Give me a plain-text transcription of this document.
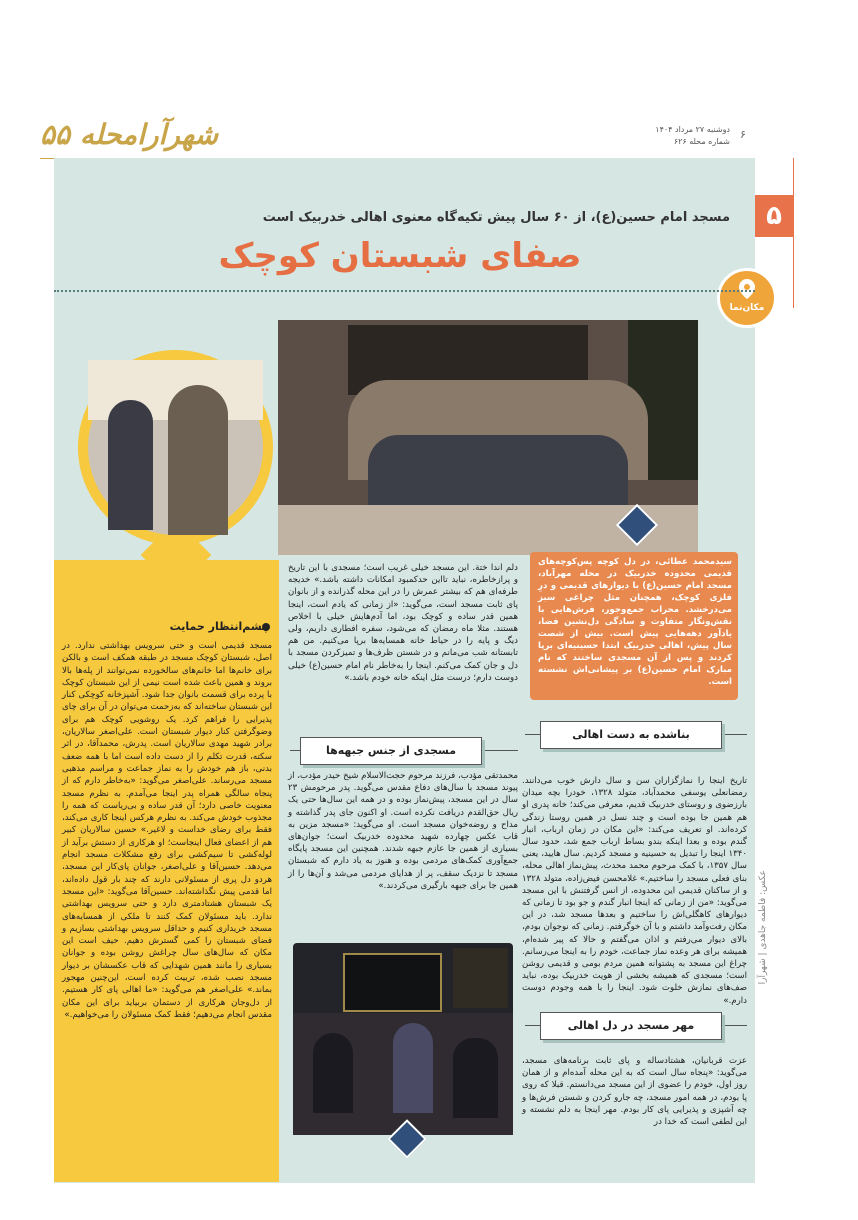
شهرآرامحله ۵۵	دوشنبه ۲۷ مرداد ۱۴۰۴
شماره محله ۶۲۶
۶
۵
مکان‌نما
عکس: فاطمه جاهدی | شهرآرا
مسجد امام حسین(ع)، از ۶۰ سال پیش تکیه‌گاه معنوی اهالی خدربیک است
صفای شبستان کوچک
چشم‌انتظار حمایت
مسجد قدیمی است و حتی سرویس بهداشتی ندارد. در اصل، شبستان کوچک مسجد در طبقه همکف است و بالکن برای خانم‌ها اما خانم‌های سالخورده نمی‌توانند از پله‌ها بالا بروند و همین باعث شده است نیمی از این شبستان کوچک با پرده برای قسمت بانوان جدا شود. آشپزخانه کوچکی کنار این شبستان ساخته‌اند که به‌زحمت می‌توان در آن برای چای پذیرایی را فراهم کرد. یک روشویی کوچک هم برای وضوگرفتن کنار دیوار شبستان است. علی‌اصغر سالاریان، برادر شهید مهدی سالاریان است. پدرش، محمدآقا، در اثر سکته، قدرت تکلم را از دست داده است اما با همه ضعف بدنی، باز هم خودش را به نماز جماعت و مراسم مذهبی مسجد می‌رساند. علی‌اصغر می‌گوید: «به‌خاطر دارم که از پنجاه سالگی همراه پدر اینجا می‌آمدم. به نظرم مسجد معنویت خاصی دارد؛ آن قدر ساده و بی‌ریاست که همه را مجذوب خودش می‌کند. به نظرم هرکس اینجا کاری می‌کند، فقط برای رضای خداست و لاغیر.» حسین سالاریان کبیر هم از اعضای فعال اینجاست؛ او هرکاری از دستش برآید از لوله‌کشی تا سیم‌کشی برای رفع مشکلات مسجد انجام می‌دهد. حسین‌آقا و علی‌اصغر، جوانان پای‌کار این مسجد، هردو دل پری از مسئولانی دارند که چند بار قول داده‌اند، اما قدمی پیش نگذاشته‌اند. حسین‌آقا می‌گوید: «این مسجد یک شبستان هشتادمتری دارد و حتی سرویس بهداشتی ندارد. باید مسئولان کمک کنند تا ملکی از همسایه‌های مسجد خریداری کنیم و حداقل سرویس بهداشتی بسازیم و فضای شبستان را کمی گسترش دهیم. حیف است این مکان که سال‌های سال چراغش روشن بوده و جوانان بسیاری را مانند همین شهدایی که قاب عکسشان بر دیوار مسجد نصب شده، تربیت کرده است، این‌چنین مهجور بماند.» علی‌اصغر هم می‌گوید: «ما اهالی پای کار هستیم. از دل‌وجان هرکاری از دستمان بربیاید برای این مکان مقدس انجام می‌دهیم؛ فقط کمک مسئولان را می‌خواهیم.»
سیدمحمد عطائی، در دل کوچه پس‌کوچه‌های قدیمی محدوده خدربیک در محله مهرآباد، مسجد امام حسین(ع) با دیوارهای قدیمی و درِ فلزی کوچک، همچنان مثل چراغی سبز می‌درخشد. محراب جمع‌وجور، فرش‌هایی با نقش‌ونگار متفاوت و سادگی دل‌نشین فضا، یادآور دهه‌هایی پیش است. بیش از شصت سال پیش، اهالی خدربیک ابتدا حسینیه‌ای برپا کردند و پس از آن مسجدی ساختند که نام مبارک امام حسین(ع) بر پیشانی‌اش نشسته است.
دلم اندا ختة. این مسجد خیلی غریب است؛ مسجدی با این تاریخ و پرازخاطره، نباید تااین حدکمبود امکانات داشته باشد.» خدیجه طرفه‌ای هم که بیشتر عمرش را در این محله گذرانده و از بانوان پای ثابت مسجد است، می‌گوید: «از زمانی که یادم است، اینجا همین قدر ساده و کوچک بود، اما آدم‌هایش خیلی با اخلاص هستند. مثلا ماه رمضان که می‌شود، سفره افطاری داریم، ولی دیگ و پایه را در حیاط خانه همسایه‌ها برپا می‌کنیم. من هم تابستانه شب می‌مانم و در شستن ظرف‌ها و تمیزکردن مسجد با دل و جان کمک می‌کنم. اینجا را به‌خاطر نام امام حسین(ع) خیلی دوست دارم؛ درست مثل اینکه خانه خودم باشد.»
مسجدی از جنس جبهه‌ها
محمدتقی مؤدب، فرزند مرحوم حجت‌الاسلام شیخ حیدر مؤدب، از پیوند مسجد با سال‌های دفاع مقدس می‌گوید. پدر مرحومش ۲۳ سال در این مسجد، پیش‌نماز بوده و در همه این سال‌ها حتی یک ریال حق‌القدم دریافت نکرده است. او اکنون جای پدر گذاشته و مداح و روضه‌خوان مسجد است. او می‌گوید: «مسجد مزین به قاب عکس چهارده شهید محدوده خدربیک است؛ جوان‌های بسیاری از همین جا عازم جبهه شدند. همچنین این مسجد پایگاه جمع‌آوری کمک‌های مردمی بوده و هنوز به یاد دارم که شبستان مسجد تا نزدیک سقف، پر از هدایای مردمی می‌شد و آن‌ها را از همین جا برای جبهه بارگیری می‌کردند.»
بناشده به دست اهالی
تاریخ اینجا را نمازگزاران سن و سال دارش خوب می‌دانند. رمضانعلی یوسفی محمدآباد، متولد ۱۳۲۸، خودرا بچه میدان بارزضوی و روستای خدربیک قدیم، معرفی می‌کند؛ خانه پدری او هم همین جا بوده است و چند نسل در همین روستا زندگی کرده‌اند. او تعریف می‌کند: «این مکان در زمان ارباب، انبار گندم بوده و بعدا اینکه بندو بساط ارباب جمع شد، حدود سال ۱۳۴۰ اینجا را تبدیل به حسینیه و مسجد کردیم. سال هایید، یعنی سال ۱۳۵۷، با کمک مرحوم محمد محدث، پیش‌نماز اهالی محله، بنای فعلی مسجد را ساختیم.» غلامحسن فیض‌زاده، متولد ۱۳۲۸ و از ساکنان قدیمی این محدوده، از انس گرفتنش با این مسجد می‌گوید: «من از زمانی که اینجا انبار گندم و جو بود تا زمانی که دیوارهای کاهگلی‌اش را ساختیم و بعدها مسجد شد، در این مکان رفت‌وآمد داشتم و با آن خوگرفتم. زمانی که نوجوان بودم، بالای دیوار می‌رفتم و اذان می‌گفتم و حالا که پیر شده‌ام، همیشه برای هر وعده نماز جماعت، خودم را به اینجا می‌رسانم. چراغ این مسجد به پشتوانه همین مردم بومی و قدیمی روشن است؛ مسجدی که همیشه بخشی از هویت خدربیک بوده، نباید صف‌های نمازش خلوت شود. اینجا را با همه وجودم دوست دارم.»
مهر مسجد در دل اهالی
عزت قربانیان، هشتادساله و پای ثابت برنامه‌های مسجد، می‌گوید: «پنجاه سال است که به این محله آمده‌ام و از همان روز اول، خودم را عضوی از این مسجد می‌دانستم. قبلا که روی پا بودم، در همه امور مسجد، چه جارو کردن و شستن فرش‌ها و چه آشپزی و پذیرایی پای کار بودم. مهر اینجا به دلم نشسته و این لطفی است که خدا در
